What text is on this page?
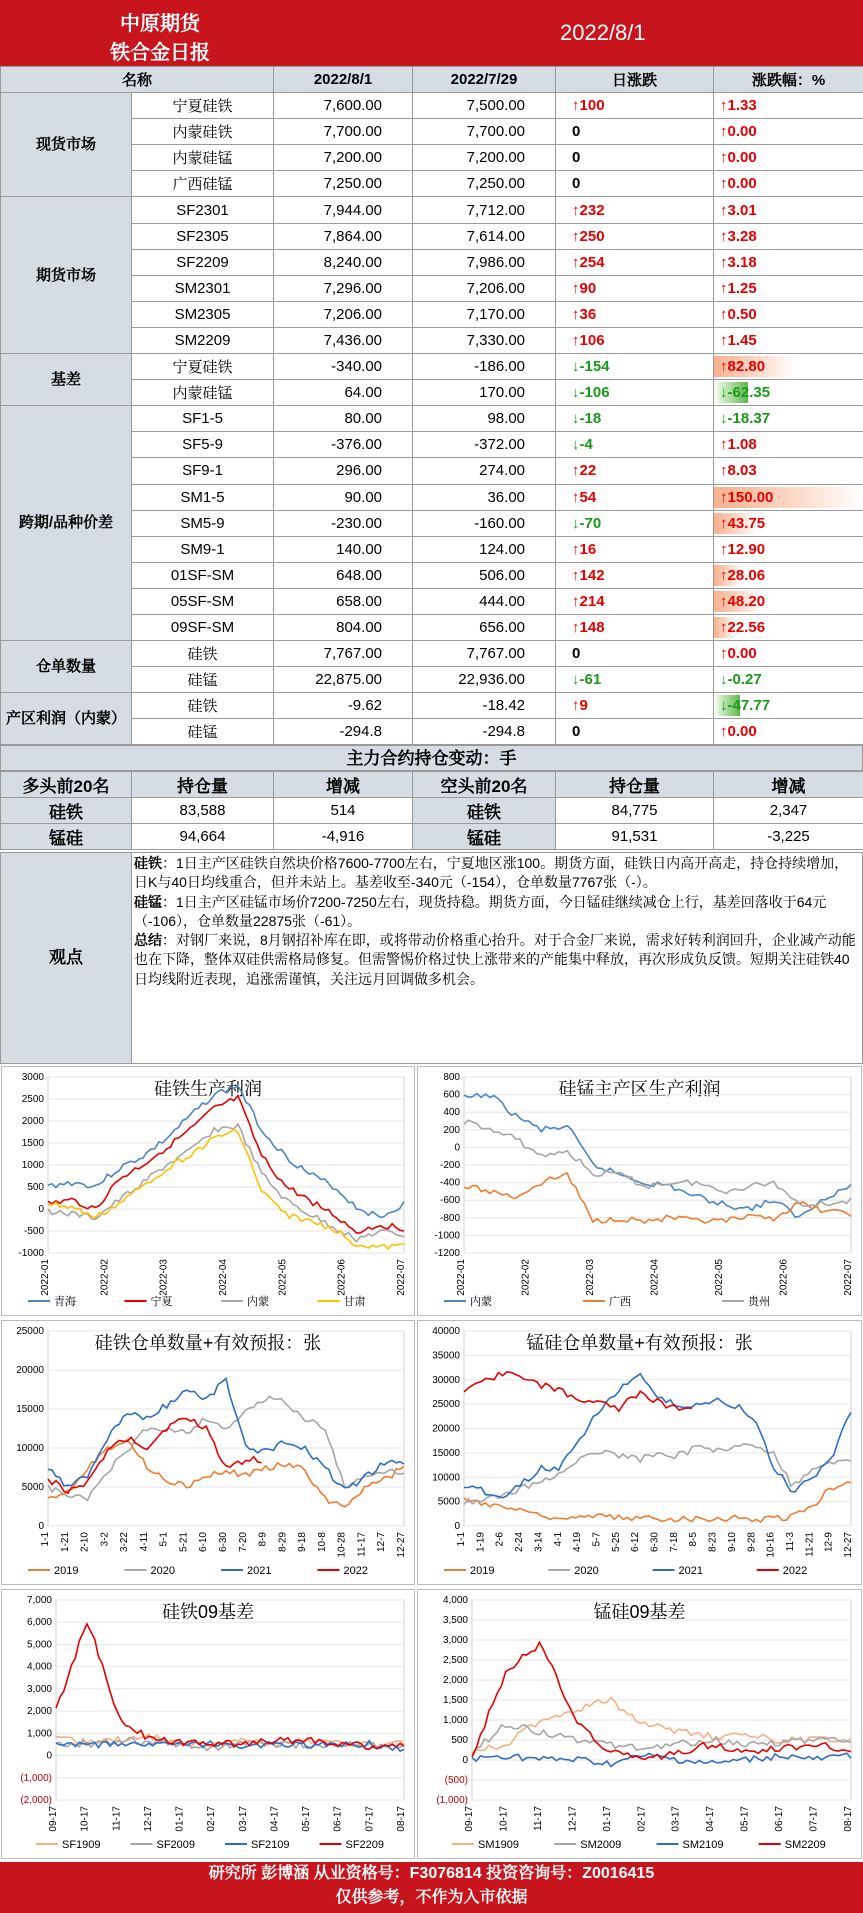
中原期货
铁合金日报
2022/8/1
名称		2022/8/1	2022/7/29	日涨跌	涨跌幅：%
现货市场	宁夏硅铁	7,600.00	7,500.00	↑100	↑1.33
	内蒙硅铁	7,700.00	7,700.00	0	↑0.00
	内蒙硅锰	7,200.00	7,200.00	0	↑0.00
	广西硅锰	7,250.00	7,250.00	0	↑0.00
期货市场	SF2301	7,944.00	7,712.00	↑232	↑3.01
	SF2305	7,864.00	7,614.00	↑250	↑3.28
	SF2209	8,240.00	7,986.00	↑254	↑3.18
	SM2301	7,296.00	7,206.00	↑90	↑1.25
	SM2305	7,206.00	7,170.00	↑36	↑0.50
	SM2209	7,436.00	7,330.00	↑106	↑1.45
基差	宁夏硅铁	-340.00	-186.00	↓-154	↑82.80
	内蒙硅锰	64.00	170.00	↓-106	↓-62.35
跨期/品种价差	SF1-5	80.00	98.00	↓-18	↓-18.37
	SF5-9	-376.00	-372.00	↓-4	↑1.08
	SF9-1	296.00	274.00	↑22	↑8.03
	SM1-5	90.00	36.00	↑54	↑150.00
	SM5-9	-230.00	-160.00	↓-70	↑43.75
	SM9-1	140.00	124.00	↑16	↑12.90
	01SF-SM	648.00	506.00	↑142	↑28.06
	05SF-SM	658.00	444.00	↑214	↑48.20
	09SF-SM	804.00	656.00	↑148	↑22.56
仓单数量	硅铁	7,767.00	7,767.00	0	↑0.00
	硅锰	22,875.00	22,936.00	↓-61	↓-0.27
产区利润（内蒙）	硅铁	-9.62	-18.42	↑9	↓-47.77
	硅锰	-294.8	-294.8	0	↑0.00
主力合约持仓变动：手
多头前20名	持仓量	增减	空头前20名	持仓量	增减
硅铁	83,588	514	硅铁	84,775	2,347
锰硅	94,664	-4,916	锰硅	91,531	-3,225
观点

硅铁：1日主产区硅铁自然块价格7600-7700左右，宁夏地区涨100。期货方面，硅铁日内高开高走，持仓持续增加，日K与40日均线重合，但并未站上。基差收至-340元（-154），仓单数量7767张（-）。

硅锰：1日主产区硅锰市场价7200-7250左右，现货持稳。期货方面，今日锰硅继续减仓上行，基差回落收于64元（-106），仓单数量22875张（-61）。

总结：对钢厂来说，8月钢招补库在即，或将带动价格重心抬升。对于合金厂来说，需求好转利润回升，企业减产动能也在下降，整体双硅供需格局修复。但需警惕价格过快上涨带来的产能集中释放，再次形成负反馈。短期关注硅铁40日均线附近表现，追涨需谨慎，关注远月回调做多机会。

硅铁生产利润
3000
2500
2000
1500
1000
500
0
-500
-1000
2022-01	2022-02	2022-03	2022-04	2022-05	2022-06	2022-07
青海	宁夏	内蒙	甘肃
硅锰主产区生产利润
800
600
400
200
0
-200
-400
-600
-800
-1000
-1200
2022-01	2022-02	2022-03	2022-04	2022-05	2022-06	2022-07
内蒙	广西	贵州
硅铁仓单数量+有效预报：张
25000
20000
15000
10000
5000
0
1-1 1-21 2-10 3-2 3-22 4-11 5-1 5-21 6-10 6-30 7-20 8-9 8-29 9-18 10-8 10-28 11-17 12-7 12-27
2019	2020	2021	2022
锰硅仓单数量+有效预报：张
40000
35000
30000
25000
20000
15000
10000
5000
0
1-1 1-19 2-6 2-24 3-14 4-1 4-19 5-7 5-25 6-12 6-30 7-18 8-5 8-23 9-10 9-28 10-16 11-3 11-21 12-9 12-27
2019	2020	2021	2022
硅铁09基差
7,000
6,000
5,000
4,000
3,000
2,000
1,000
0
(1,000)
(2,000)
09-17 10-17 11-17 12-17 01-17 02-17 03-17 04-17 05-17 06-17 07-17 08-17
SF1909	SF2009	SF2109	SF2209
锰硅09基差
4,000
3,500
3,000
2,500
2,000
1,500
1,000
500
0
(500)
(1,000)
09-17 10-17 11-17 12-17 01-17 02-17 03-17 04-17 05-17 06-17 07-17 08-17
SM1909	SM2009	SM2109	SM2209
研究所 彭博涵 从业资格号：F3076814 投资咨询号：Z0016415
仅供参考，不作为入市依据
